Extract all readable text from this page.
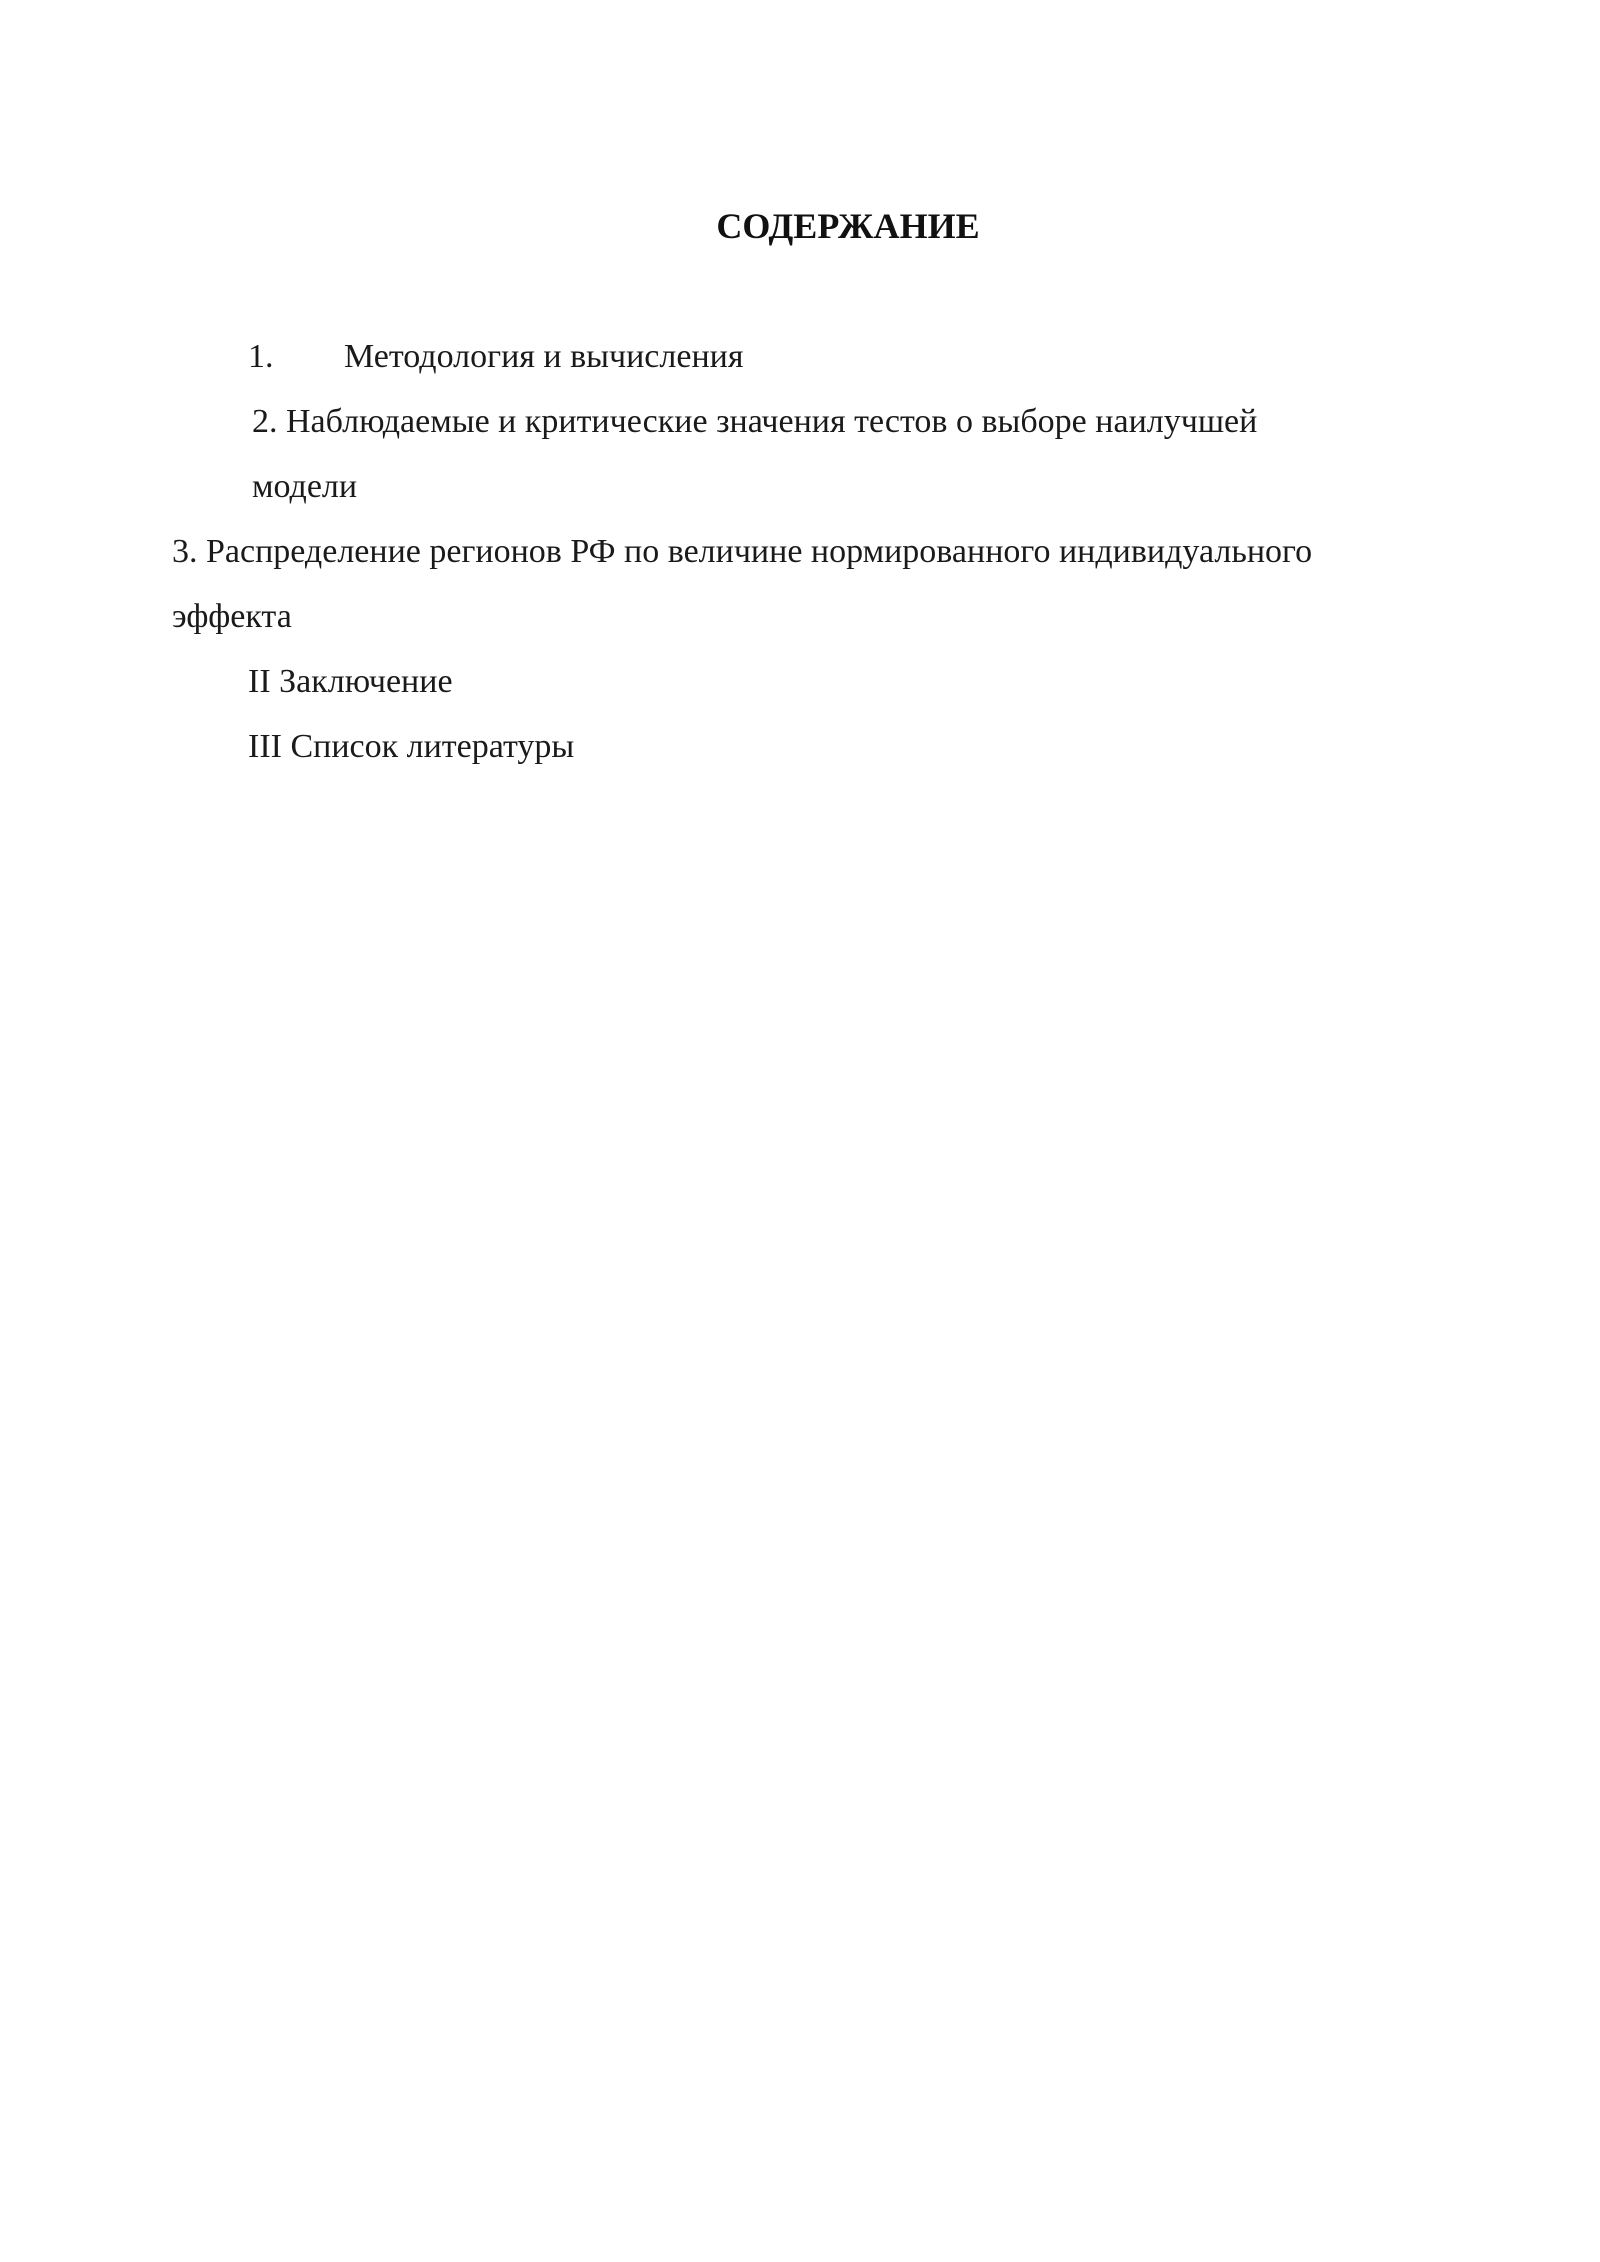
СОДЕРЖАНИЕ
1. Методология и вычисления
2. Наблюдаемые и критические значения тестов о выборе наилучшей
модели
3. Распределение регионов РФ по величине нормированного индивидуального
эффекта
II Заключение
III Список литературы
